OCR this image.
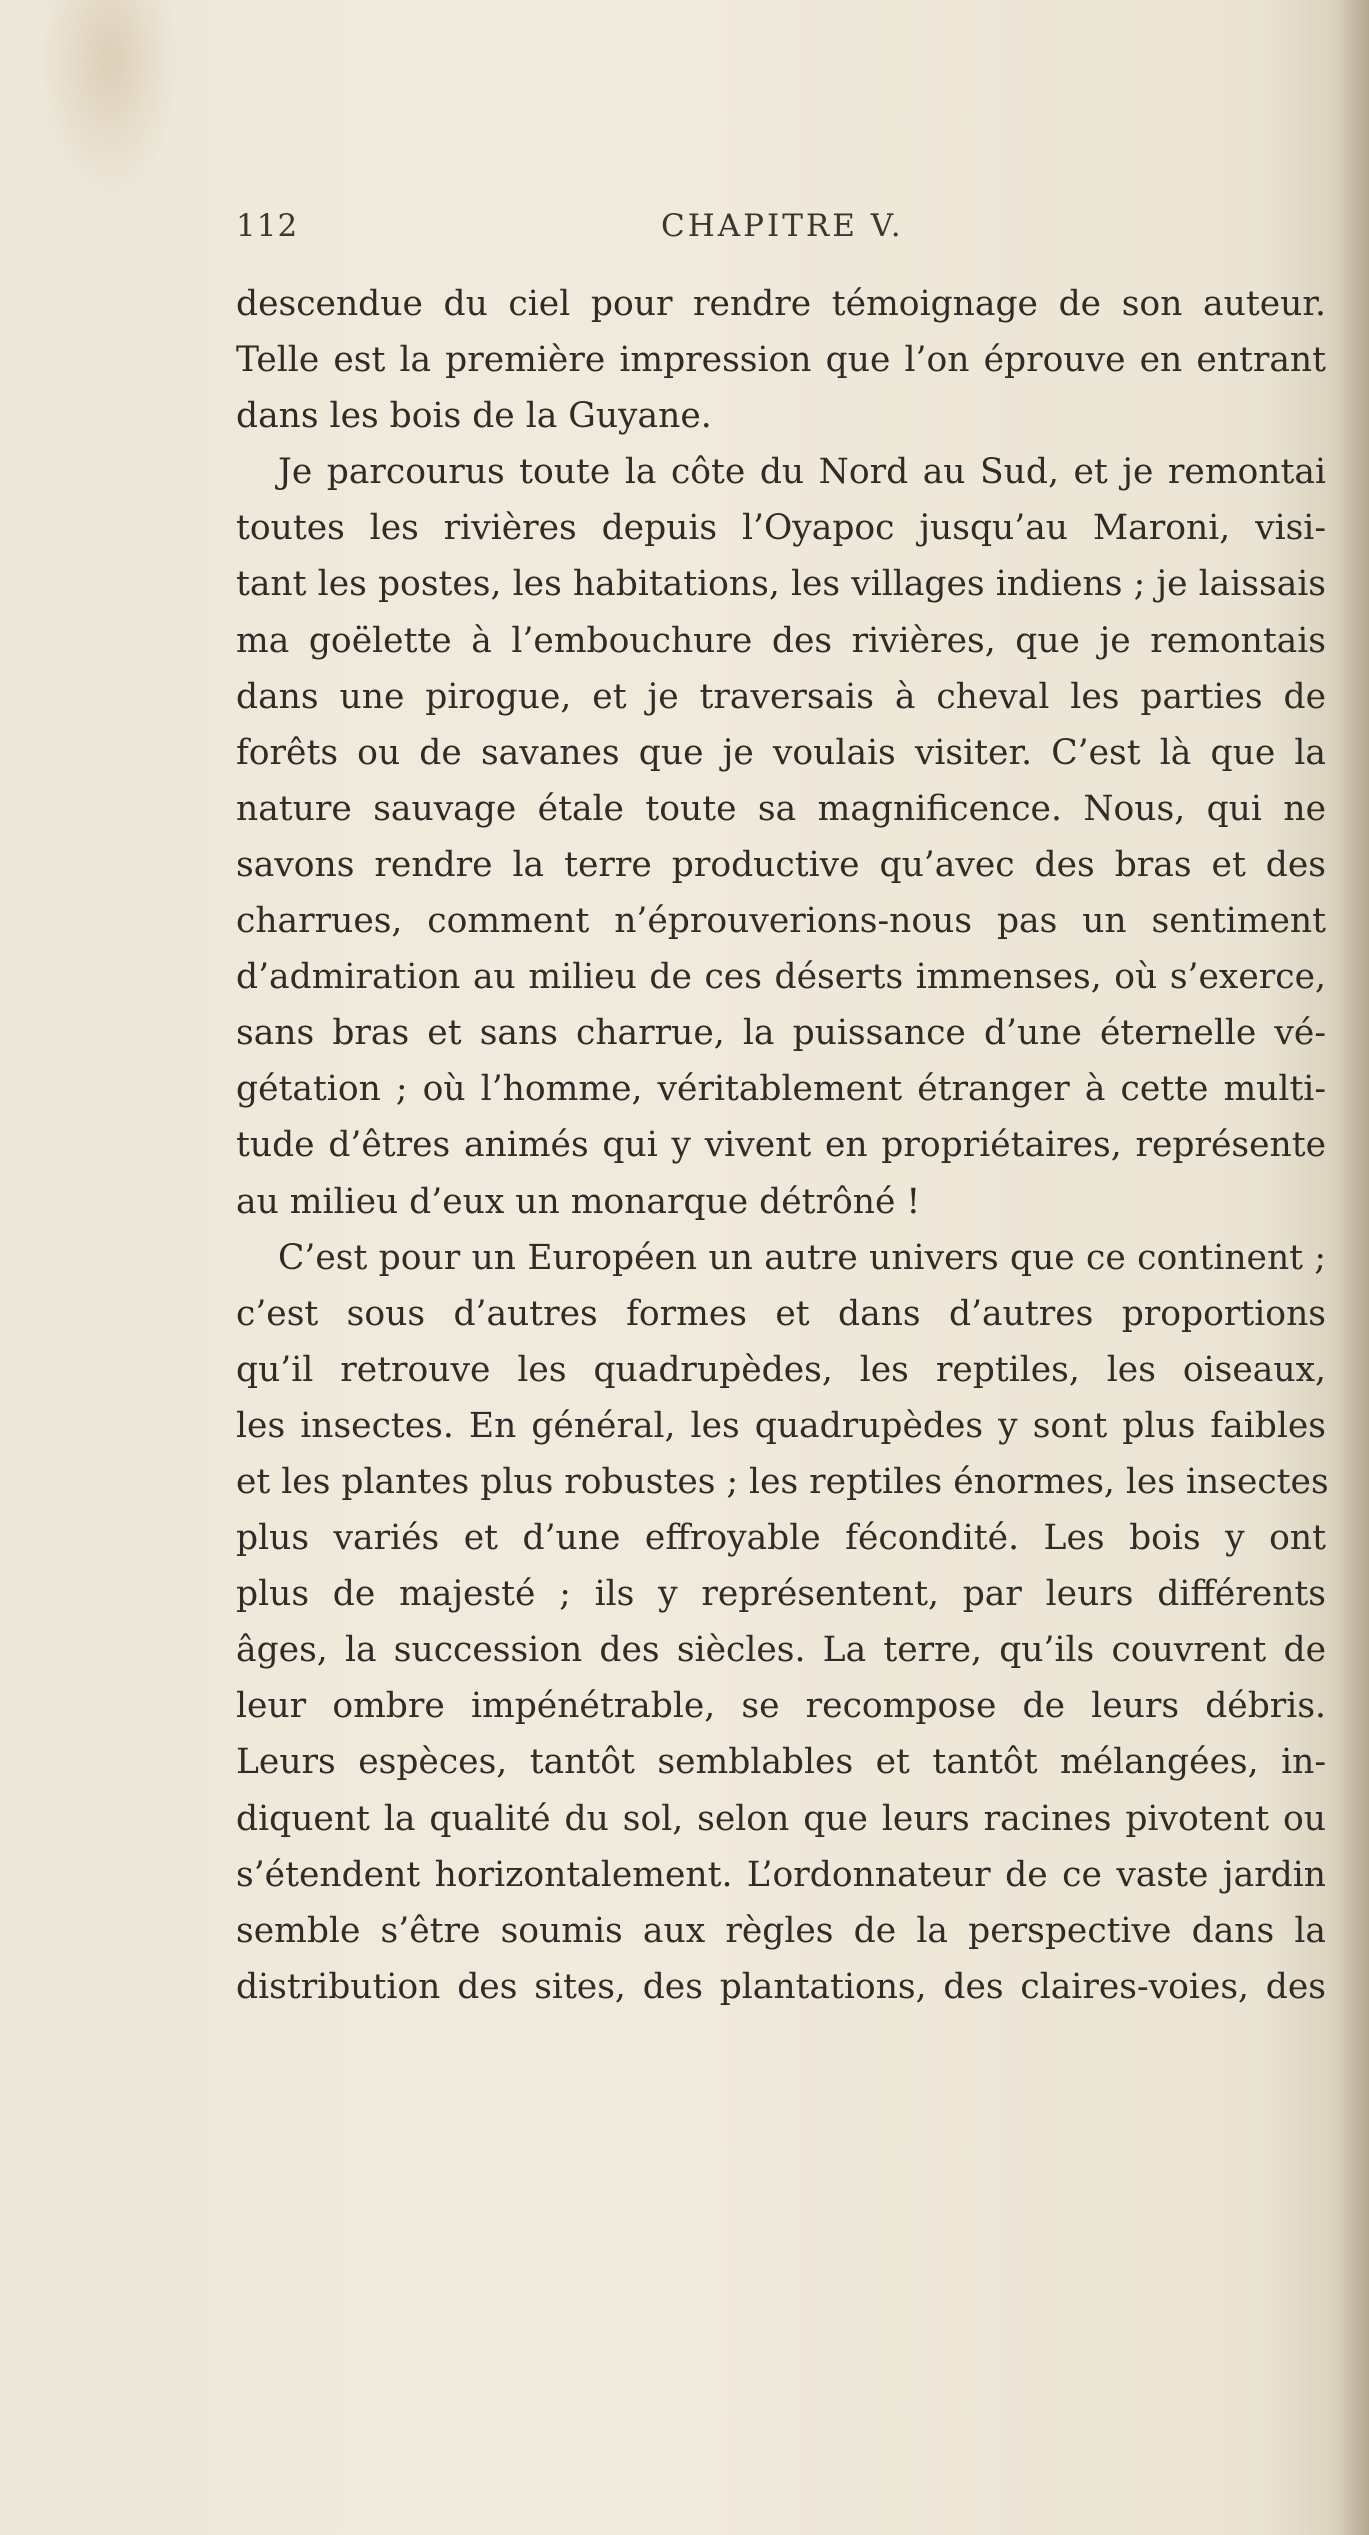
112	CHAPITRE V.
descendue du ciel pour rendre témoignage de son auteur.
Telle est la première impression que l’on éprouve en entrant
dans les bois de la Guyane.
Je parcourus toute la côte du Nord au Sud, et je remontai
toutes les rivières depuis l’Oyapoc jusqu’au Maroni, visi-
tant les postes, les habitations, les villages indiens ; je laissais
ma goëlette à l’embouchure des rivières, que je remontais
dans une pirogue, et je traversais à cheval les parties de
forêts ou de savanes que je voulais visiter. C’est là que la
nature sauvage étale toute sa magnificence. Nous, qui ne
savons rendre la terre productive qu’avec des bras et des
charrues, comment n’éprouverions-nous pas un sentiment
d’admiration au milieu de ces déserts immenses, où s’exerce,
sans bras et sans charrue, la puissance d’une éternelle vé-
gétation ; où l’homme, véritablement étranger à cette multi-
tude d’êtres animés qui y vivent en propriétaires, représente
au milieu d’eux un monarque détrôné !
C’est pour un Européen un autre univers que ce continent ;
c’est sous d’autres formes et dans d’autres proportions
qu’il retrouve les quadrupèdes, les reptiles, les oiseaux,
les insectes. En général, les quadrupèdes y sont plus faibles
et les plantes plus robustes ; les reptiles énormes, les insectes
plus variés et d’une effroyable fécondité. Les bois y ont
plus de majesté ; ils y représentent, par leurs différents
âges, la succession des siècles. La terre, qu’ils couvrent de
leur ombre impénétrable, se recompose de leurs débris.
Leurs espèces, tantôt semblables et tantôt mélangées, in-
diquent la qualité du sol, selon que leurs racines pivotent ou
s’étendent horizontalement. L’ordonnateur de ce vaste jardin
semble s’être soumis aux règles de la perspective dans la
distribution des sites, des plantations, des claires-voies, des
